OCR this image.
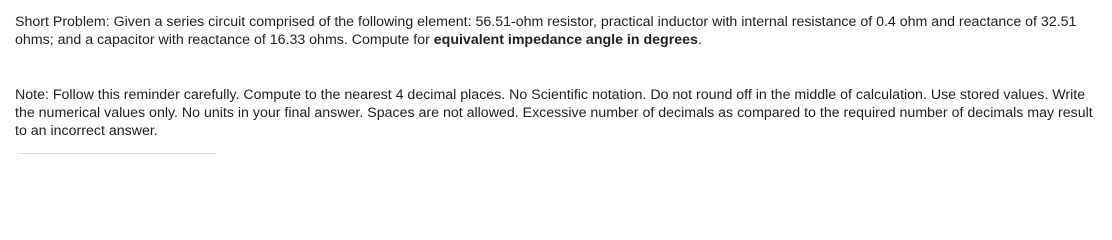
Short Problem: Given a series circuit comprised of the following element: 56.51-ohm resistor, practical inductor with internal resistance of 0.4 ohm and reactance of 32.51 ohms; and a capacitor with reactance of 16.33 ohms. Compute for equivalent impedance angle in degrees.

Note: Follow this reminder carefully. Compute to the nearest 4 decimal places. No Scientific notation. Do not round off in the middle of calculation. Use stored values. Write the numerical values only. No units in your final answer. Spaces are not allowed. Excessive number of decimals as compared to the required number of decimals may result to an incorrect answer.
